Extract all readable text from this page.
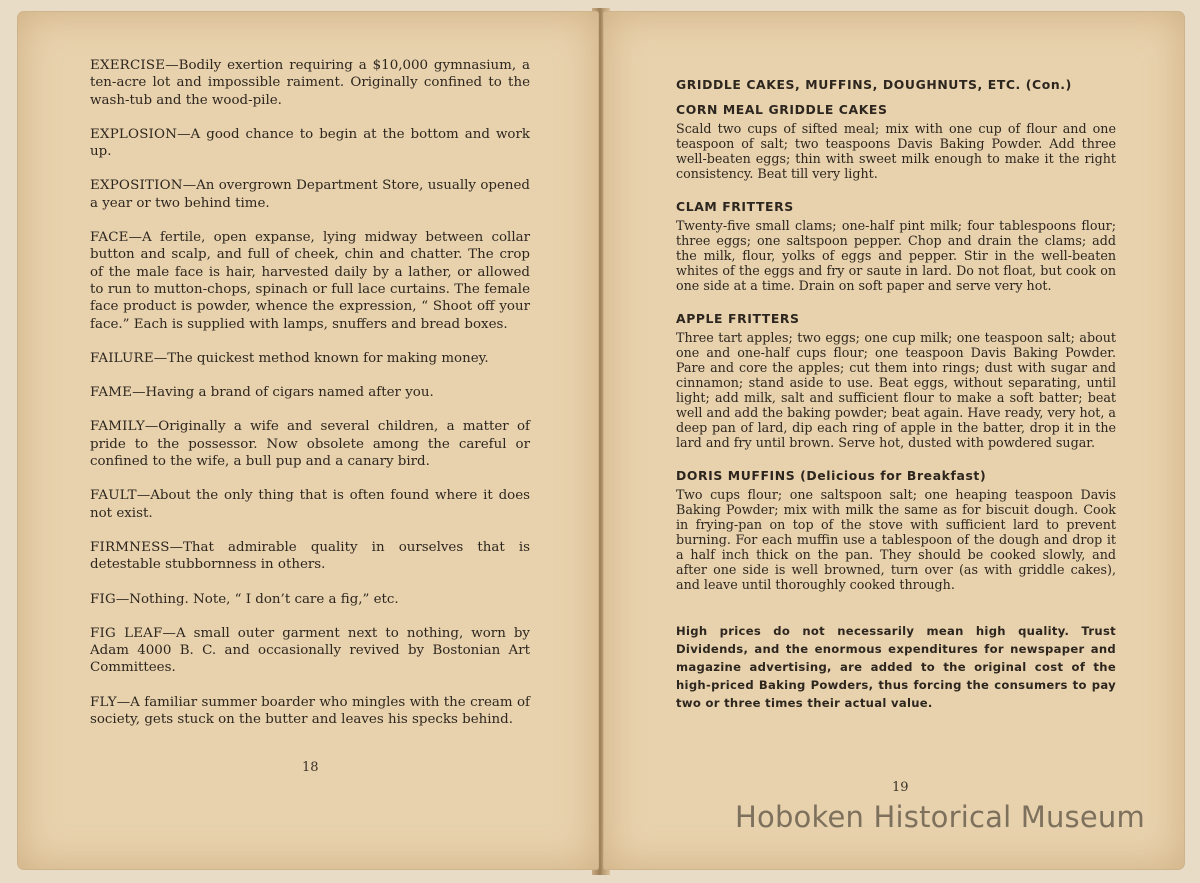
EXERCISE—Bodily exertion requiring a $10,000 gymnasium, a ten-acre lot and impossible raiment. Originally confined to the wash-tub and the wood-pile.

EXPLOSION—A good chance to begin at the bottom and work up.

EXPOSITION—An overgrown Department Store, usually opened a year or two behind time.

FACE—A fertile, open expanse, lying midway between collar button and scalp, and full of cheek, chin and chatter. The crop of the male face is hair, harvested daily by a lather, or allowed to run to mutton-chops, spinach or full lace curtains. The female face product is powder, whence the expression, “ Shoot off your face.” Each is supplied with lamps, snuffers and bread boxes.

FAILURE—The quickest method known for making money.

FAME—Having a brand of cigars named after you.

FAMILY—Originally a wife and several children, a matter of pride to the possessor. Now obsolete among the careful or confined to the wife, a bull pup and a canary bird.

FAULT—About the only thing that is often found where it does not exist.

FIRMNESS—That admirable quality in ourselves that is detestable stubbornness in others.

FIG—Nothing. Note, “ I don’t care a fig,” etc.

FIG LEAF—A small outer garment next to nothing, worn by Adam 4000 B. C. and occasionally revived by Bostonian Art Committees.

FLY—A familiar summer boarder who mingles with the cream of society, gets stuck on the butter and leaves his specks behind.

18
GRIDDLE CAKES, MUFFINS, DOUGHNUTS, ETC. (Con.)
CORN MEAL GRIDDLE CAKES

Scald two cups of sifted meal; mix with one cup of flour and one teaspoon of salt; two teaspoons Davis Baking Powder. Add three well-beaten eggs; thin with sweet milk enough to make it the right consistency. Beat till very light.

CLAM FRITTERS

Twenty-five small clams; one-half pint milk; four tablespoons flour; three eggs; one saltspoon pepper. Chop and drain the clams; add the milk, flour, yolks of eggs and pepper. Stir in the well-beaten whites of the eggs and fry or saute in lard. Do not float, but cook on one side at a time. Drain on soft paper and serve very hot.

APPLE FRITTERS

Three tart apples; two eggs; one cup milk; one teaspoon salt; about one and one-half cups flour; one teaspoon Davis Baking Powder. Pare and core the apples; cut them into rings; dust with sugar and cinnamon; stand aside to use. Beat eggs, without separating, until light; add milk, salt and sufficient flour to make a soft batter; beat well and add the baking powder; beat again. Have ready, very hot, a deep pan of lard, dip each ring of apple in the batter, drop it in the lard and fry until brown. Serve hot, dusted with powdered sugar.

DORIS MUFFINS (Delicious for Breakfast)

Two cups flour; one saltspoon salt; one heaping teaspoon Davis Baking Powder; mix with milk the same as for biscuit dough. Cook in frying-pan on top of the stove with sufficient lard to prevent burning. For each muffin use a tablespoon of the dough and drop it a half inch thick on the pan. They should be cooked slowly, and after one side is well browned, turn over (as with griddle cakes), and leave until thoroughly cooked through.

High prices do not necessarily mean high quality. Trust Dividends, and the enormous expenditures for newspaper and magazine advertising, are added to the original cost of the high-priced Baking Powders, thus forcing the consumers to pay two or three times their actual value.

19
Hoboken Historical Museum
